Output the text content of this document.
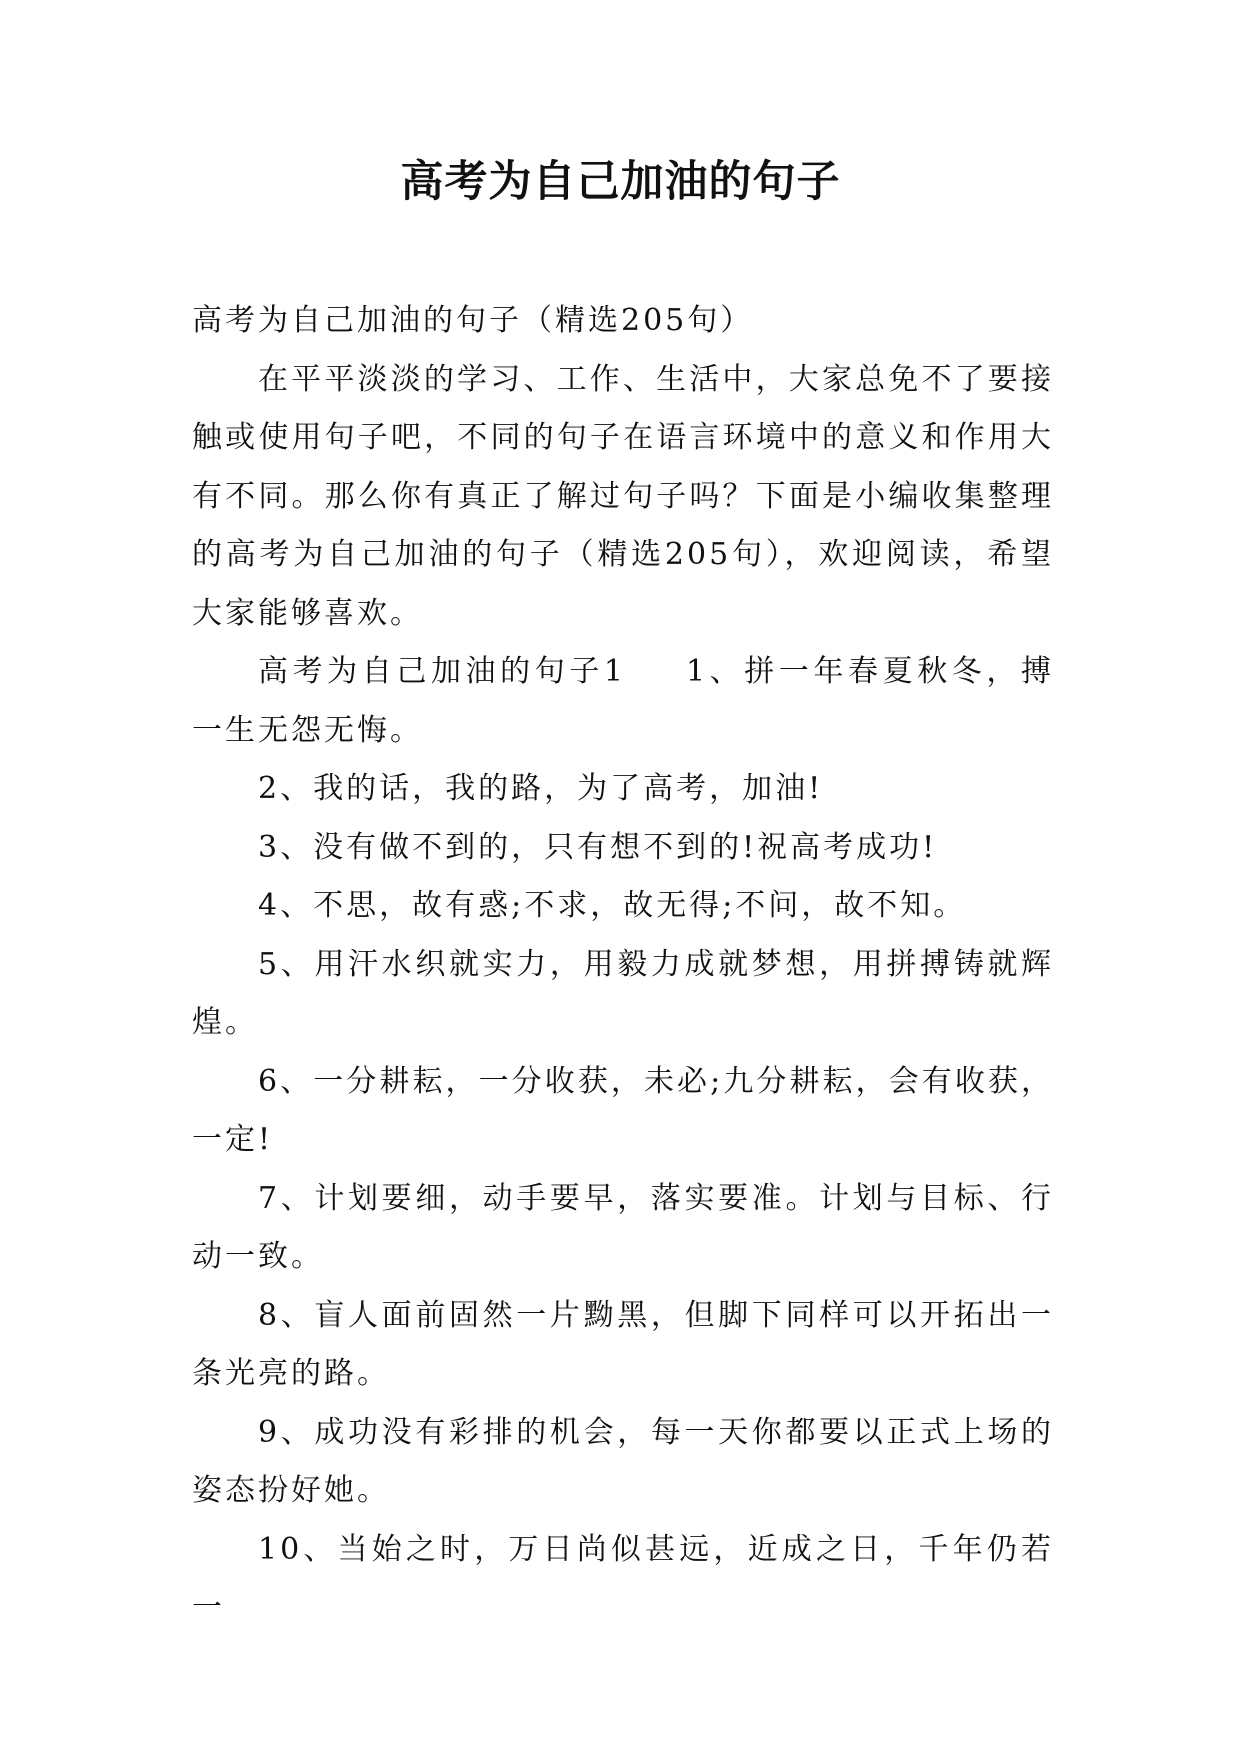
高考为自己加油的句子

高考为自己加油的句子（精选205句）

在平平淡淡的学习、工作、生活中，大家总免不了要接触或使用句子吧，不同的句子在语言环境中的意义和作用大有不同。那么你有真正了解过句子吗？下面是小编收集整理的高考为自己加油的句子（精选205句），欢迎阅读，希望大家能够喜欢。

高考为自己加油的句子1 1、拼一年春夏秋冬，搏一生无怨无悔。

2、我的话，我的路，为了高考，加油!

3、没有做不到的，只有想不到的!祝高考成功!

4、不思，故有惑;不求，故无得;不问，故不知。

5、用汗水织就实力，用毅力成就梦想，用拼搏铸就辉煌。

6、一分耕耘，一分收获，未必;九分耕耘，会有收获，一定!

7、计划要细，动手要早，落实要准。计划与目标、行动一致。

8、盲人面前固然一片黝黑，但脚下同样可以开拓出一条光亮的路。

9、成功没有彩排的机会，每一天你都要以正式上场的姿态扮好她。

10、当始之时，万日尚似甚远，近成之日，千年仍若一
